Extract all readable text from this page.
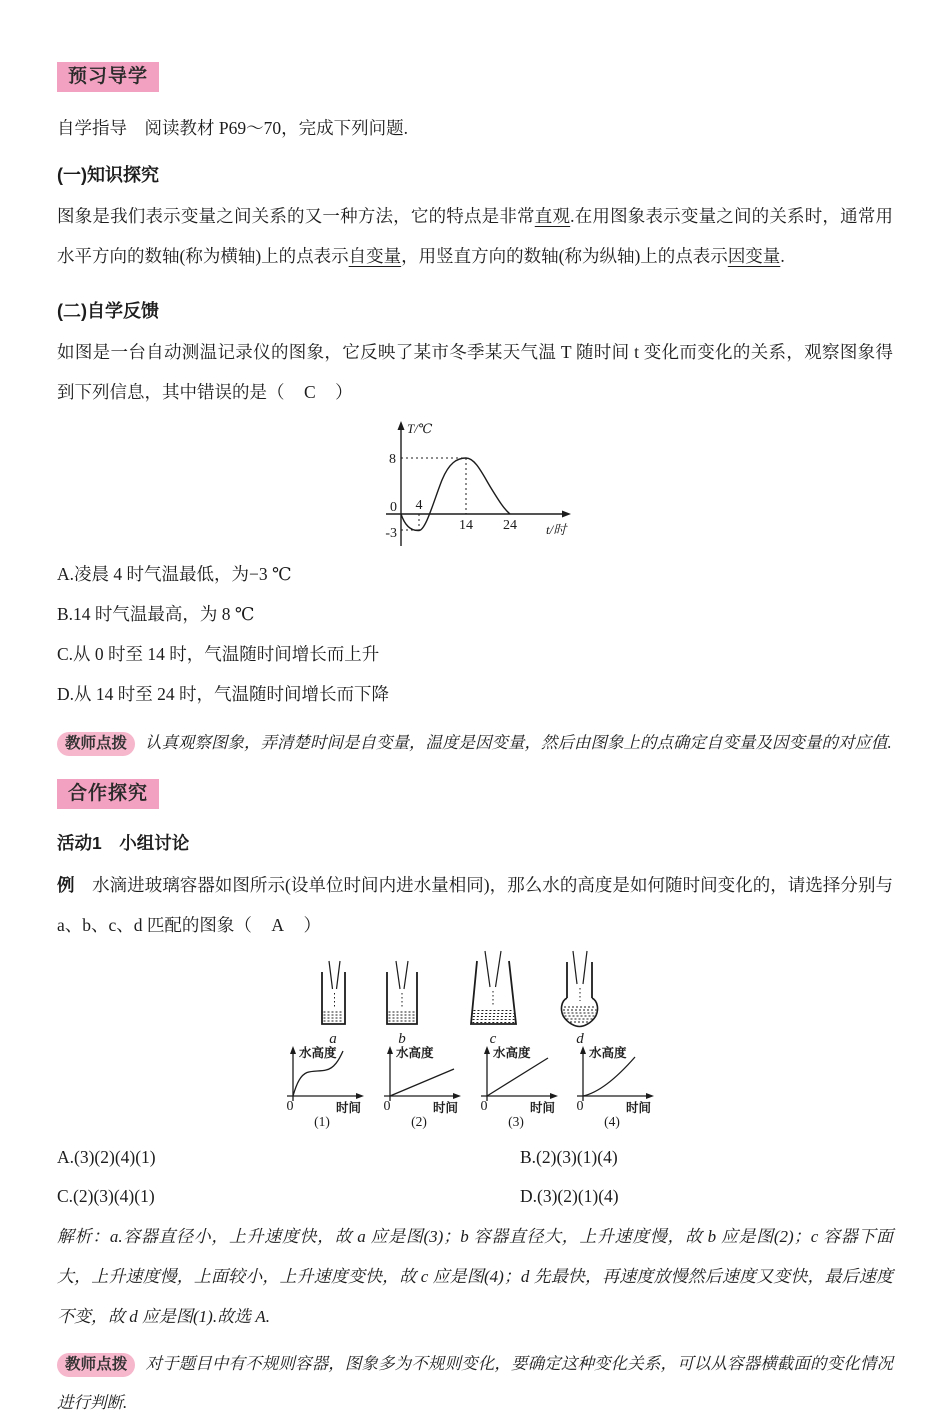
预习导学
自学指导　阅读教材 P69～70，完成下列问题.
(一)知识探究
图象是我们表示变量之间关系的又一种方法，它的特点是非常直观.在用图象表示变量之间的关系时，通常用水平方向的数轴(称为横轴)上的点表示自变量，用竖直方向的数轴(称为纵轴)上的点表示因变量.
(二)自学反馈
如图是一台自动测温记录仪的图象，它反映了某市冬季某天气温 T 随时间 t 变化而变化的关系，观察图象得到下列信息，其中错误的是（　C　）
T/℃
t/时
8
0
-3
4
14 24
A.凌晨 4 时气温最低，为−3 ℃
B.14 时气温最高，为 8 ℃
C.从 0 时至 14 时，气温随时间增长而上升
D.从 14 时至 24 时，气温随时间增长而下降
教师点拨 认真观察图象，弄清楚时间是自变量，温度是因变量，然后由图象上的点确定自变量及因变量的对应值.
合作探究
活动1　小组讨论
例　水滴进玻璃容器如图所示(设单位时间内进水量相同)，那么水的高度是如何随时间变化的，请选择分别与 a、b、c、d 匹配的图象（　A　）
a	b	c	d
水高度
0	时间
(1)
水高度
0	时间
(2)
水高度
0	时间
(3)
水高度
0	时间
(4)
A.(3)(2)(4)(1)	B.(2)(3)(1)(4)
C.(2)(3)(4)(1)	D.(3)(2)(1)(4)
解析：a.容器直径小，上升速度快，故 a 应是图(3)；b 容器直径大，上升速度慢，故 b 应是图(2)；c 容器下面大，上升速度慢，上面较小，上升速度变快，故 c 应是图(4)；d 先最快，再速度放慢然后速度又变快，最后速度不变，故 d 应是图(1).故选 A.
教师点拨 对于题目中有不规则容器，图象多为不规则变化，要确定这种变化关系，可以从容器横截面的变化情况进行判断.
